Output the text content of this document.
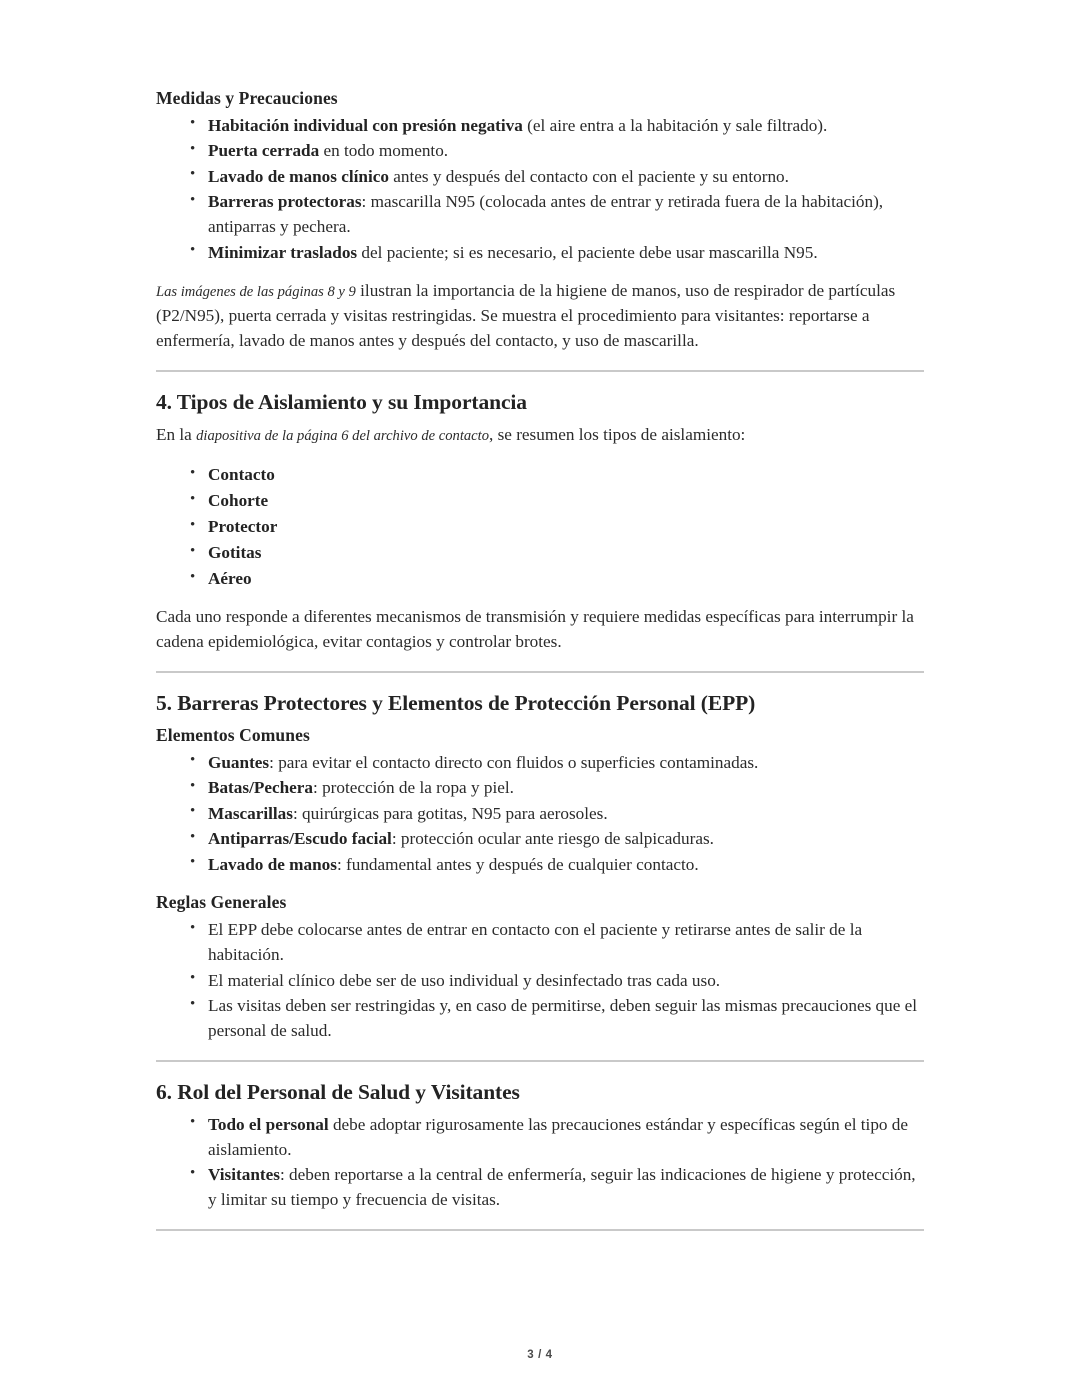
Medidas y Precauciones
• Habitación individual con presión negativa (el aire entra a la habitación y sale filtrado).
• Puerta cerrada en todo momento.
• Lavado de manos clínico antes y después del contacto con el paciente y su entorno.
• Barreras protectoras: mascarilla N95 (colocada antes de entrar y retirada fuera de la habitación), antiparras y pechera.
• Minimizar traslados del paciente; si es necesario, el paciente debe usar mascarilla N95.

Las imágenes de las páginas 8 y 9 ilustran la importancia de la higiene de manos, uso de respirador de partículas (P2/N95), puerta cerrada y visitas restringidas. Se muestra el procedimiento para visitantes: reportarse a enfermería, lavado de manos antes y después del contacto, y uso de mascarilla.

4. Tipos de Aislamiento y su Importancia

En la diapositiva de la página 6 del archivo de contacto, se resumen los tipos de aislamiento:

• Contacto
• Cohorte
• Protector
• Gotitas
• Aéreo

Cada uno responde a diferentes mecanismos de transmisión y requiere medidas específicas para interrumpir la cadena epidemiológica, evitar contagios y controlar brotes.

5. Barreras Protectores y Elementos de Protección Personal (EPP)
Elementos Comunes
• Guantes: para evitar el contacto directo con fluidos o superficies contaminadas.
• Batas/Pechera: protección de la ropa y piel.
• Mascarillas: quirúrgicas para gotitas, N95 para aerosoles.
• Antiparras/Escudo facial: protección ocular ante riesgo de salpicaduras.
• Lavado de manos: fundamental antes y después de cualquier contacto.
Reglas Generales
• El EPP debe colocarse antes de entrar en contacto con el paciente y retirarse antes de salir de la habitación.
• El material clínico debe ser de uso individual y desinfectado tras cada uso.
• Las visitas deben ser restringidas y, en caso de permitirse, deben seguir las mismas precauciones que el personal de salud.
6. Rol del Personal de Salud y Visitantes
• Todo el personal debe adoptar rigurosamente las precauciones estándar y específicas según el tipo de aislamiento.
• Visitantes: deben reportarse a la central de enfermería, seguir las indicaciones de higiene y protección, y limitar su tiempo y frecuencia de visitas.
3 / 4
